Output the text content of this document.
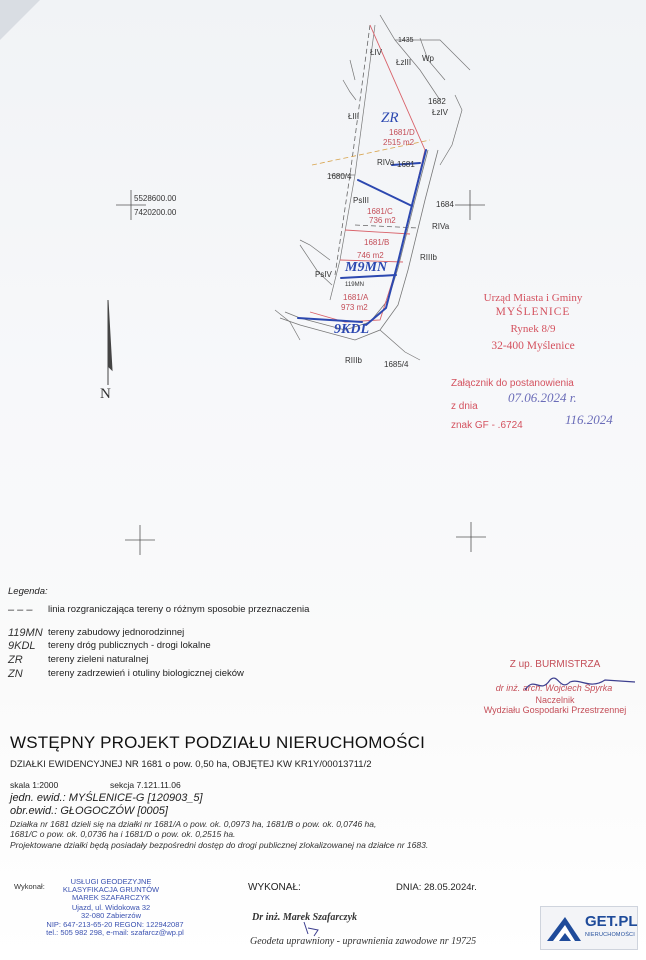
5528600.00
7420200.00
N
1435
ŁIV
ŁzIII Wp
1682
ŁzIV
ŁIII ZR
1681/D
2515 m2
RIVa 1681
1680/4
PsIII	1684
1681/C
736 m2
RIVa
1681/B
746 m2	RIIIb
M9MN
PsIV
119MN
1681/A
973 m2
9KDL
RIIIb	1685/4
Urząd Miasta i Gminy
MYŚLENICE
Rynek 8/9
32-400 Myślenice
Załącznik do postanowienia
z dnia
07.06.2024 r.
znak GF - .6724	116.2024
Legenda:
– – –	linia rozgraniczająca tereny o różnym sposobie przeznaczenia
119MN tereny zabudowy jednorodzinnej
9KDL	tereny dróg publicznych - drogi lokalne
ZR	tereny zieleni naturalnej
ZN	tereny zadrzewień i otuliny biologicznej cieków
Z up. BURMISTRZA
dr inż. arch. Wojciech Spyrka
Naczelnik
Wydziału Gospodarki Przestrzennej
WSTĘPNY PROJEKT PODZIAŁU NIERUCHOMOŚCI
DZIAŁKI EWIDENCYJNEJ NR 1681 o pow. 0,50 ha, OBJĘTEJ KW KR1Y/00013711/2
skala 1:2000	sekcja 7.121.11.06
jedn. ewid.: MYŚLENICE-G [120903_5]
obr.ewid.: GŁOGOCZÓW [0005]
Działka nr 1681 dzieli się na działki nr 1681/A o pow. ok. 0,0973 ha, 1681/B o pow. ok. 0,0746 ha,
1681/C o pow. ok. 0,0736 ha i 1681/D o pow. ok. 0,2515 ha.
Projektowane działki będą posiadały bezpośredni dostęp do drogi publicznej zlokalizowanej na działce nr 1683.
Wykonał:
USŁUGI GEODEZYJNE
KLASYFIKACJA GRUNTÓW
MAREK SZAFARCZYK
Ujazd, ul. Widokowa 32
32-080 Zabierzów
NIP: 647-213-65-20 REGON: 122942087
tel.: 505 982 298, e-mail: szafarcz@wp.pl
WYKONAŁ:	DNIA: 28.05.2024r.
Dr inż. Marek Szafarczyk
Geodeta uprawniony - uprawnienia zawodowe nr 19725
GET.PL
NIERUCHOMOŚCI
